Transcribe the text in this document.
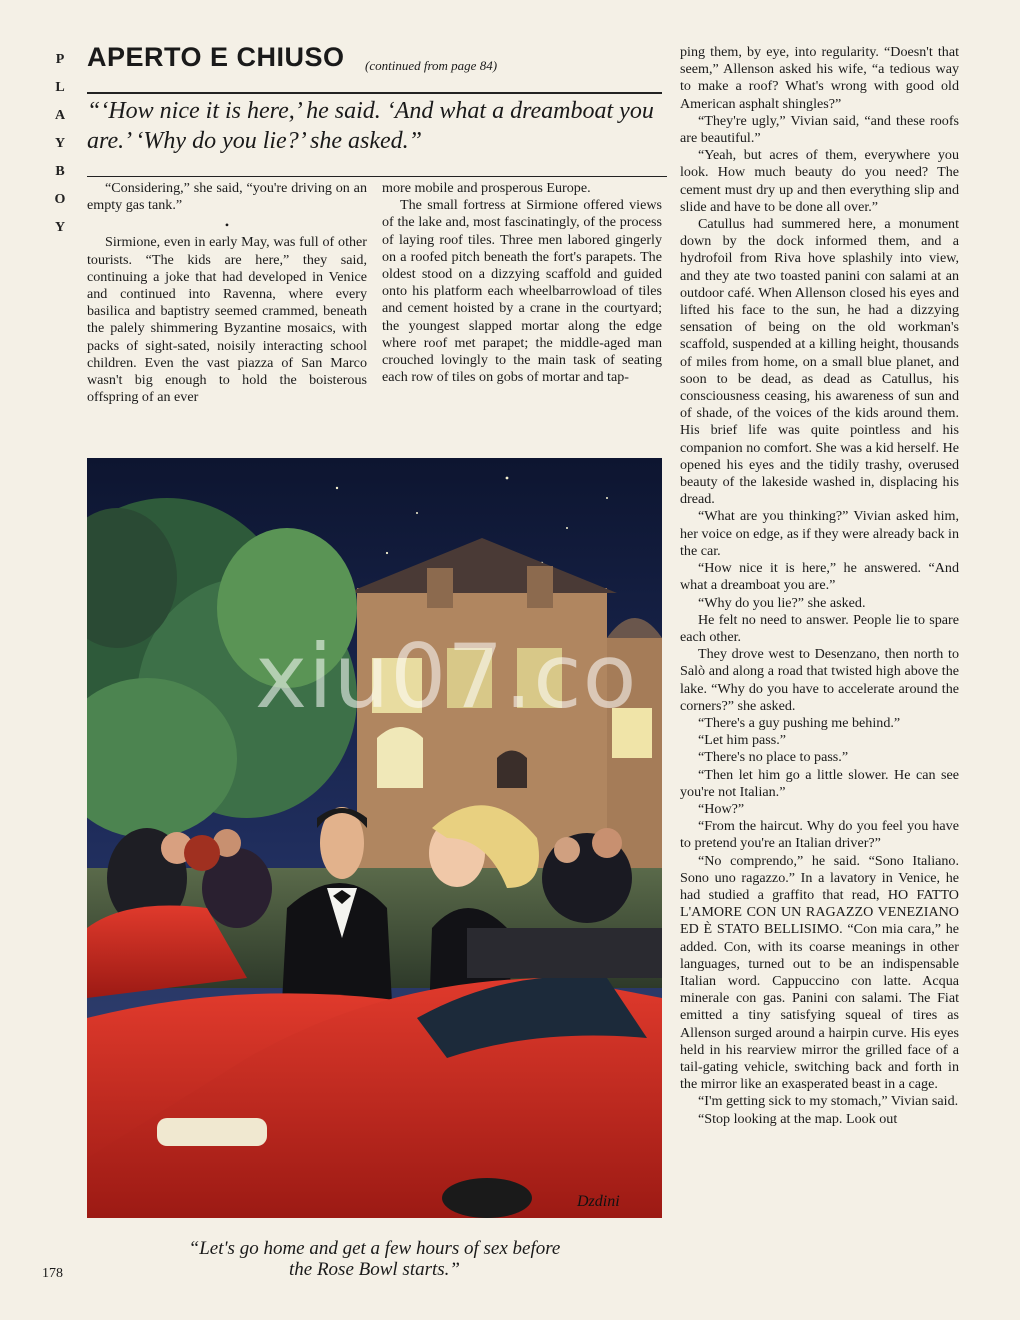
P
L
A
Y
B
O
Y
APERTO E CHIUSO (continued from page 84)
“‘How nice it is here,’ he said. ‘And what a dreamboat you are.’ ‘Why do you lie?’ she asked.”

“Considering,” she said, “you're driving on an empty gas tank.”

•

Sirmione, even in early May, was full of other tourists. “The kids are here,” they said, continuing a joke that had developed in Venice and continued into Ravenna, where every basilica and baptistry seemed crammed, beneath the palely shimmering Byzantine mosaics, with packs of sight-sated, noisily interacting school children. Even the vast piazza of San Marco wasn't big enough to hold the boisterous offspring of an ever

more mobile and prosperous Europe.

The small fortress at Sirmione offered views of the lake and, most fascinatingly, of the process of laying roof tiles. Three men labored gingerly on a roofed pitch beneath the fort's parapets. The oldest stood on a dizzying scaffold and guided onto his platform each wheelbarrowload of tiles and cement hoisted by a crane in the courtyard; the youngest slapped mortar along the edge where roof met parapet; the middle-aged man crouched lovingly to the main task of seating each row of tiles on gobs of mortar and tap-

ping them, by eye, into regularity. “Doesn't that seem,” Allenson asked his wife, “a tedious way to make a roof? What's wrong with good old American asphalt shingles?”

“They're ugly,” Vivian said, “and these roofs are beautiful.”

“Yeah, but acres of them, everywhere you look. How much beauty do you need? The cement must dry up and then everything slip and slide and have to be done all over.”

Catullus had summered here, a monument down by the dock informed them, and a hydrofoil from Riva hove splashily into view, and they ate two toasted panini con salami at an outdoor café. When Allenson closed his eyes and lifted his face to the sun, he had a dizzying sensation of being on the old workman's scaffold, suspended at a killing height, thousands of miles from home, on a small blue planet, and soon to be dead, as dead as Catullus, his consciousness ceasing, his awareness of sun and of shade, of the voices of the kids around them. His brief life was quite pointless and his companion no comfort. She was a kid herself. He opened his eyes and the tidily trashy, overused beauty of the lakeside washed in, displacing his dread.

“What are you thinking?” Vivian asked him, her voice on edge, as if they were already back in the car.

“How nice it is here,” he answered. “And what a dreamboat you are.”

“Why do you lie?” she asked.

He felt no need to answer. People lie to spare each other.

They drove west to Desenzano, then north to Salò and along a road that twisted high above the lake. “Why do you have to accelerate around the corners?” she asked.

“There's a guy pushing me behind.”

“Let him pass.”

“There's no place to pass.”

“Then let him go a little slower. He can see you're not Italian.”

“How?”

“From the haircut. Why do you feel you have to pretend you're an Italian driver?”

“No comprendo,” he said. “Sono Italiano. Sono uno ragazzo.” In a lavatory in Venice, he had studied a graffito that read, HO FATTO L'AMORE CON UN RAGAZZO VENEZIANO ED È STATO BELLISIMO. “Con mia cara,” he added. Con, with its coarse meanings in other languages, turned out to be an indispensable Italian word. Cappuccino con latte. Acqua minerale con gas. Panini con salami. The Fiat emitted a tiny satisfying squeal of tires as Allenson surged around a hairpin curve. His eyes held in his rearview mirror the grilled face of a tail-gating vehicle, switching back and forth in the mirror like an exasperated beast in a cage.

“I'm getting sick to my stomach,” Vivian said.

“Stop looking at the map. Look out

Dzdini
xiu07.co
“Let's go home and get a few hours of sex before
the Rose Bowl starts.”
178
